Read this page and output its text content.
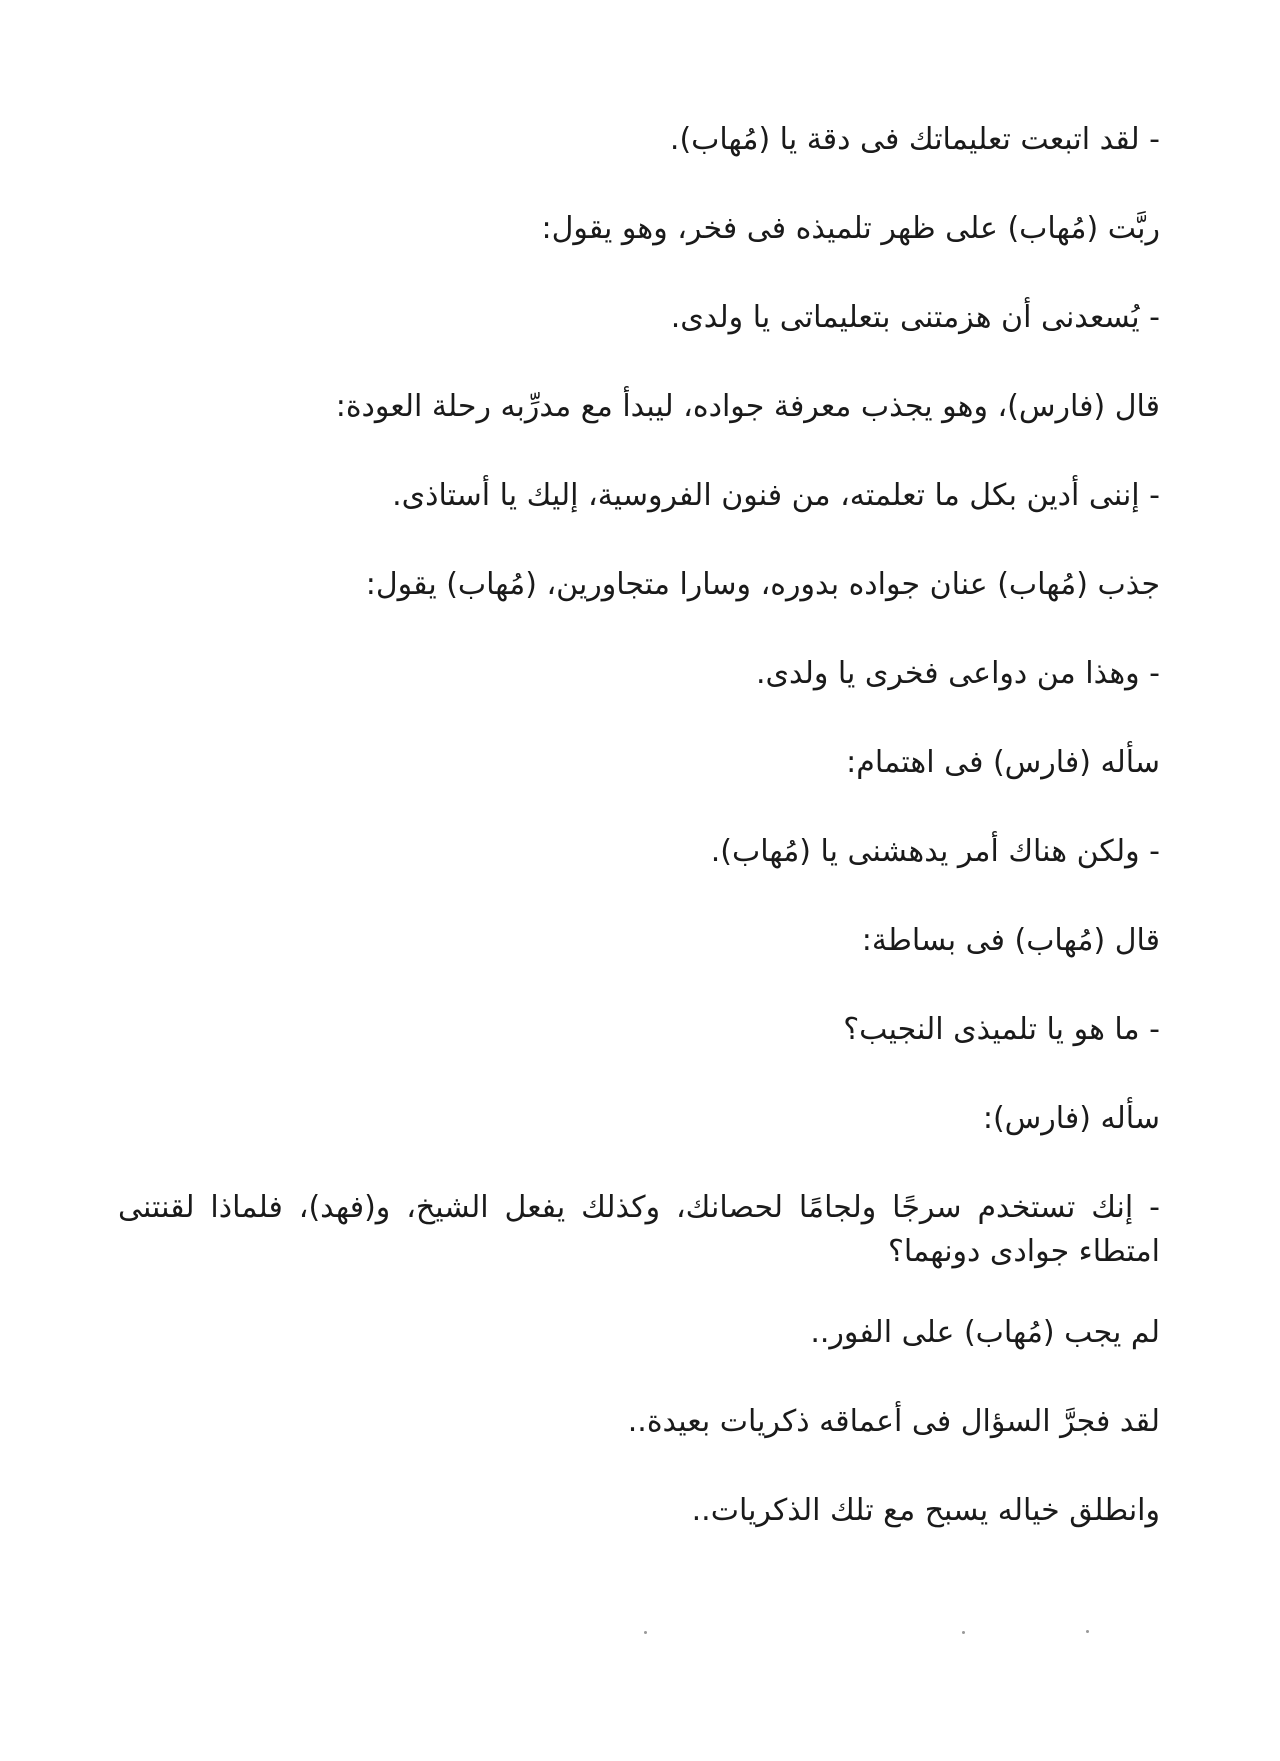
- لقد اتبعت تعليماتك فى دقة يا (مُهاب).

ربَّت (مُهاب) على ظهر تلميذه فى فخر، وهو يقول:

- يُسعدنى أن هزمتنى بتعليماتى يا ولدى.

قال (فارس)، وهو يجذب معرفة جواده، ليبدأ مع مدرِّبه رحلة العودة:

- إننى أدين بكل ما تعلمته، من فنون الفروسية، إليك يا أستاذى.

جذب (مُهاب) عنان جواده بدوره، وسارا متجاورين، (مُهاب) يقول:

- وهذا من دواعى فخرى يا ولدى.

سأله (فارس) فى اهتمام:

- ولكن هناك أمر يدهشنى يا (مُهاب).

قال (مُهاب) فى بساطة:

- ما هو يا تلميذى النجيب؟

سأله (فارس):

- إنك تستخدم سرجًا ولجامًا لحصانك، وكذلك يفعل الشيخ، و(فهد)، فلماذا لقنتنى امتطاء جوادى دونهما؟

لم يجب (مُهاب) على الفور..

لقد فجرَّ السؤال فى أعماقه ذكريات بعيدة..

وانطلق خياله يسبح مع تلك الذكريات..
